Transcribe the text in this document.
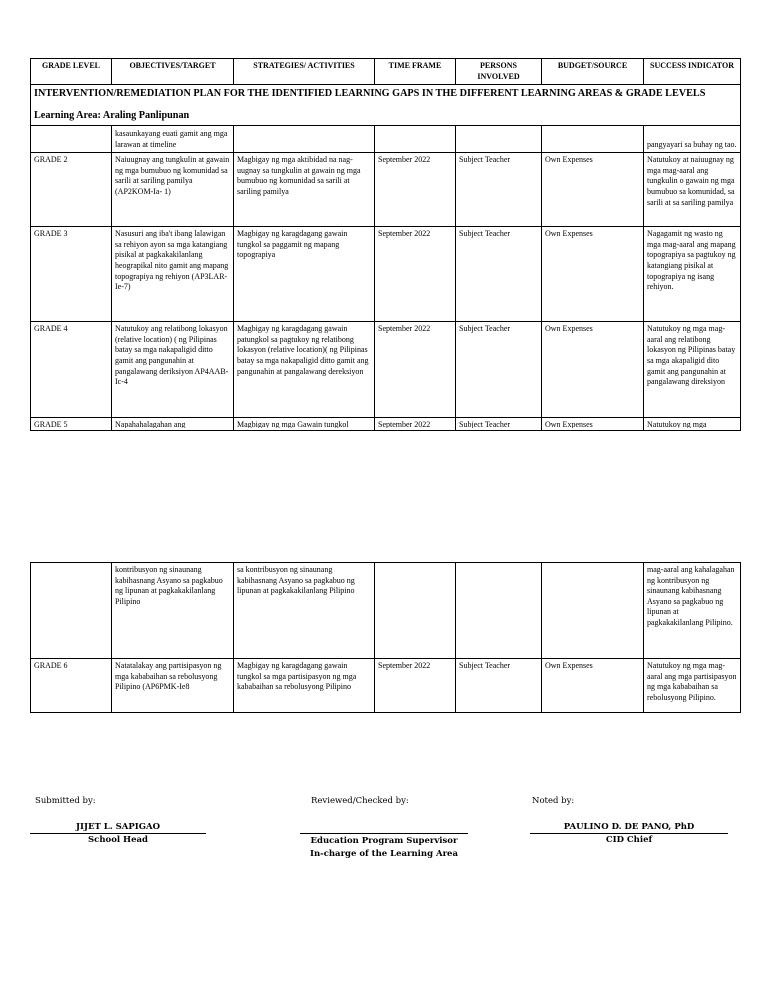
GRADE LEVEL	OBJECTIVES/TARGET	STRATEGIES/ ACTIVITIES	TIME FRAME	PERSONS INVOLVED	BUDGET/SOURCE	SUCCESS INDICATOR

INTERVENTION/REMEDIATION PLAN FOR THE IDENTIFIED LEARNING GAPS IN THE DIFFERENT LEARNING AREAS & GRADE LEVELS
Learning Area: Araling Panlipunan						

	kasaunkayang euati gamit ang mga larawan at timeline					pangyayari sa buhay ng tao.

GRADE 2	Naiuugnay ang tungkulin at gawain ng mga bumubuo ng komunidad sa sarili at sariling pamilya (AP2KOM-Ia- 1)	Magbigay ng mga aktibidad na nag-uugnay sa tungkulin at gawain ng mga bumubuo ng komunidad sa sarili at sariling pamilya	September 2022	Subject Teacher	Own Expenses	Natutukoy at naiuugnay ng mga mag-aaral ang tungkulin o gawain ng mga bumubuo sa komunidad, sa sarili at sa sariling pamilya
GRADE 3	Nasusuri ang iba't ibang lalawigan sa rehiyon ayon sa mga katangiang pisikal at pagkakakilanlang heograpikal nito gamit ang mapang topograpiya ng rehiyon (AP3LAR- Ie-7)	Magbigay ng karagdagang gawain tungkol sa paggamit ng mapang topograpiya	September 2022	Subject Teacher	Own Expenses	Nagagamit ng wasto ng mga mag-aaral ang mapang topograpiya sa pagtukoy ng katangiang pisikal at topograpiya ng isang rehiyon.
GRADE 4	Natutukoy ang relatibong lokasyon (relative location) ( ng Pilipinas batay sa mga nakapaligid ditto gamit ang pangunahin at pangalawang deriksiyon AP4AAB-Ic-4	Magbigay ng karagdagang gawain patungkol sa pagtukoy ng relatibong lokasyon (relative location)( ng Pilipinas batay sa mga nakapaligid ditto gamit ang pangunahin at pangalawang dereksiyon	September 2022	Subject Teacher	Own Expenses	Natutukoy ng mga mag-aaral ang relatibong lokasyon ng Pilipinas batay sa mga akapaligid dito gamit ang pangunahin at pangalawang direksiyon

GRADE 5	Napahahalagahan ang	Magbigay ng mga Gawain tungkol	September 2022	Subject Teacher	Own Expenses	Natutukoy ng mga
	kontribusyon ng sinaunang kabihasnang Asyano sa pagkabuo ng lipunan at pagkakakilanlang Pilipino	sa kontribusyon ng sinaunang kabihasnang Asyano sa pagkabuo ng lipunan at pagkakakilanlang Pilipino				mag-aaral ang kahalagahan ng kontribusyon ng sinaunang kabihasnang Asyano sa pagkabuo ng lipunan at pagkakakilanlang Pilipino.
GRADE 6	Natatalakay ang partisipasyon ng mga kababaihan sa rebolusyong Pilipino (AP6PMK-Ie8	Magbigay ng karagdagang gawain tungkol sa mga partisipasyon ng mga kababaihan sa rebolusyong Pilipino	September 2022	Subject Teacher	Own Expenses	Natutukoy ng mga mag-aaral ang mga partisipasyon ng mga kababaihan sa rebolusyong Pilipino.
Submitted by:
JIJET L. SAPIGAO
School Head
Reviewed/Checked by:
Education Program Supervisor
In-charge of the Learning Area
Noted by:
PAULINO D. DE PANO, PhD
CID Chief
